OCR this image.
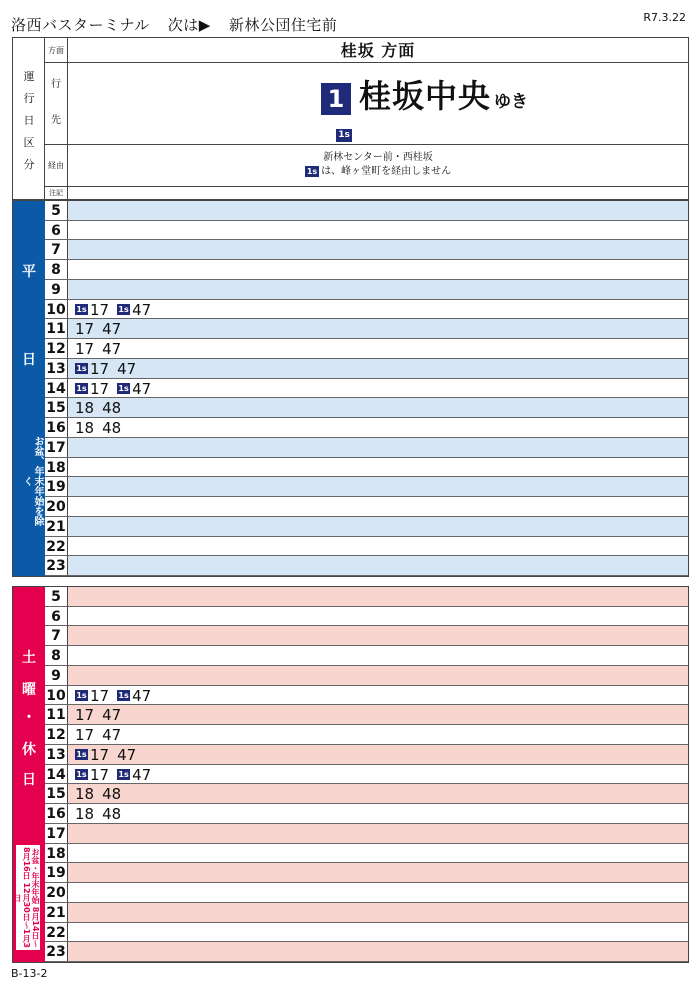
洛西バスターミナル 次は▶ 新林公団住宅前	R7.3.22
運
行
日
区
分
方面
行
先
経由
注記
桂坂 方面
1 桂坂中央 ゆき
1s
新林センター前・西桂坂
1s は、峰ヶ堂町を経由しません
平
日
お盆、年末年始を除く
5
6
7
8
9
10 1s 17 1s 47
11 17 47
12 17 47
13 1s 17 47
14 1s 17 1s 47
15 18 48
16 18 48
17
18
19
20
21
22
23
土
曜
・
休
日
お盆・年末年始 8月14日〜8月16日 12月30日〜1月3日
5
6
7
8
9
10 1s 17 1s 47
11 17 47
12 17 47
13 1s 17 47
14 1s 17 1s 47
15 18 48
16 18 48
17
18
19
20
21
22
23
B-13-2
